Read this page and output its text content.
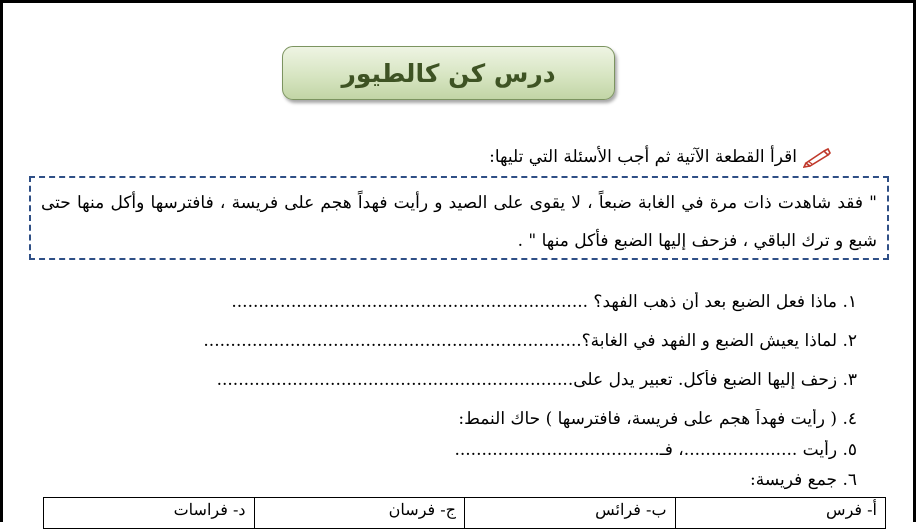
درس كن كالطيور
اقرأ القطعة الآتية ثم أجب الأسئلة التي تليها:
" فقد شاهدت ذات مرة في الغابة ضبعاً ، لا يقوى على الصيد و رأيت فهداً هجم على فريسة ، فافترسها وأكل منها حتى شبع و ترك الباقي ، فزحف إليها الضبع فأكل منها " .
١. ماذا فعل الضبع بعد أن ذهب الفهد؟ ..................................................................
٢. لماذا يعيش الضبع و الفهد في الغابة؟......................................................................
٣. زحف إليها الضبع فأكل. تعبير يدل على..................................................................
٤. ( رأيت فهداً هجم على فريسة، فافترسها ) حاك النمط:
٥. رأيت .....................، فـ......................................
٦. جمع فريسة:
أ- فرس	ب- فرائس	ج- فرسان	د- فراسات
